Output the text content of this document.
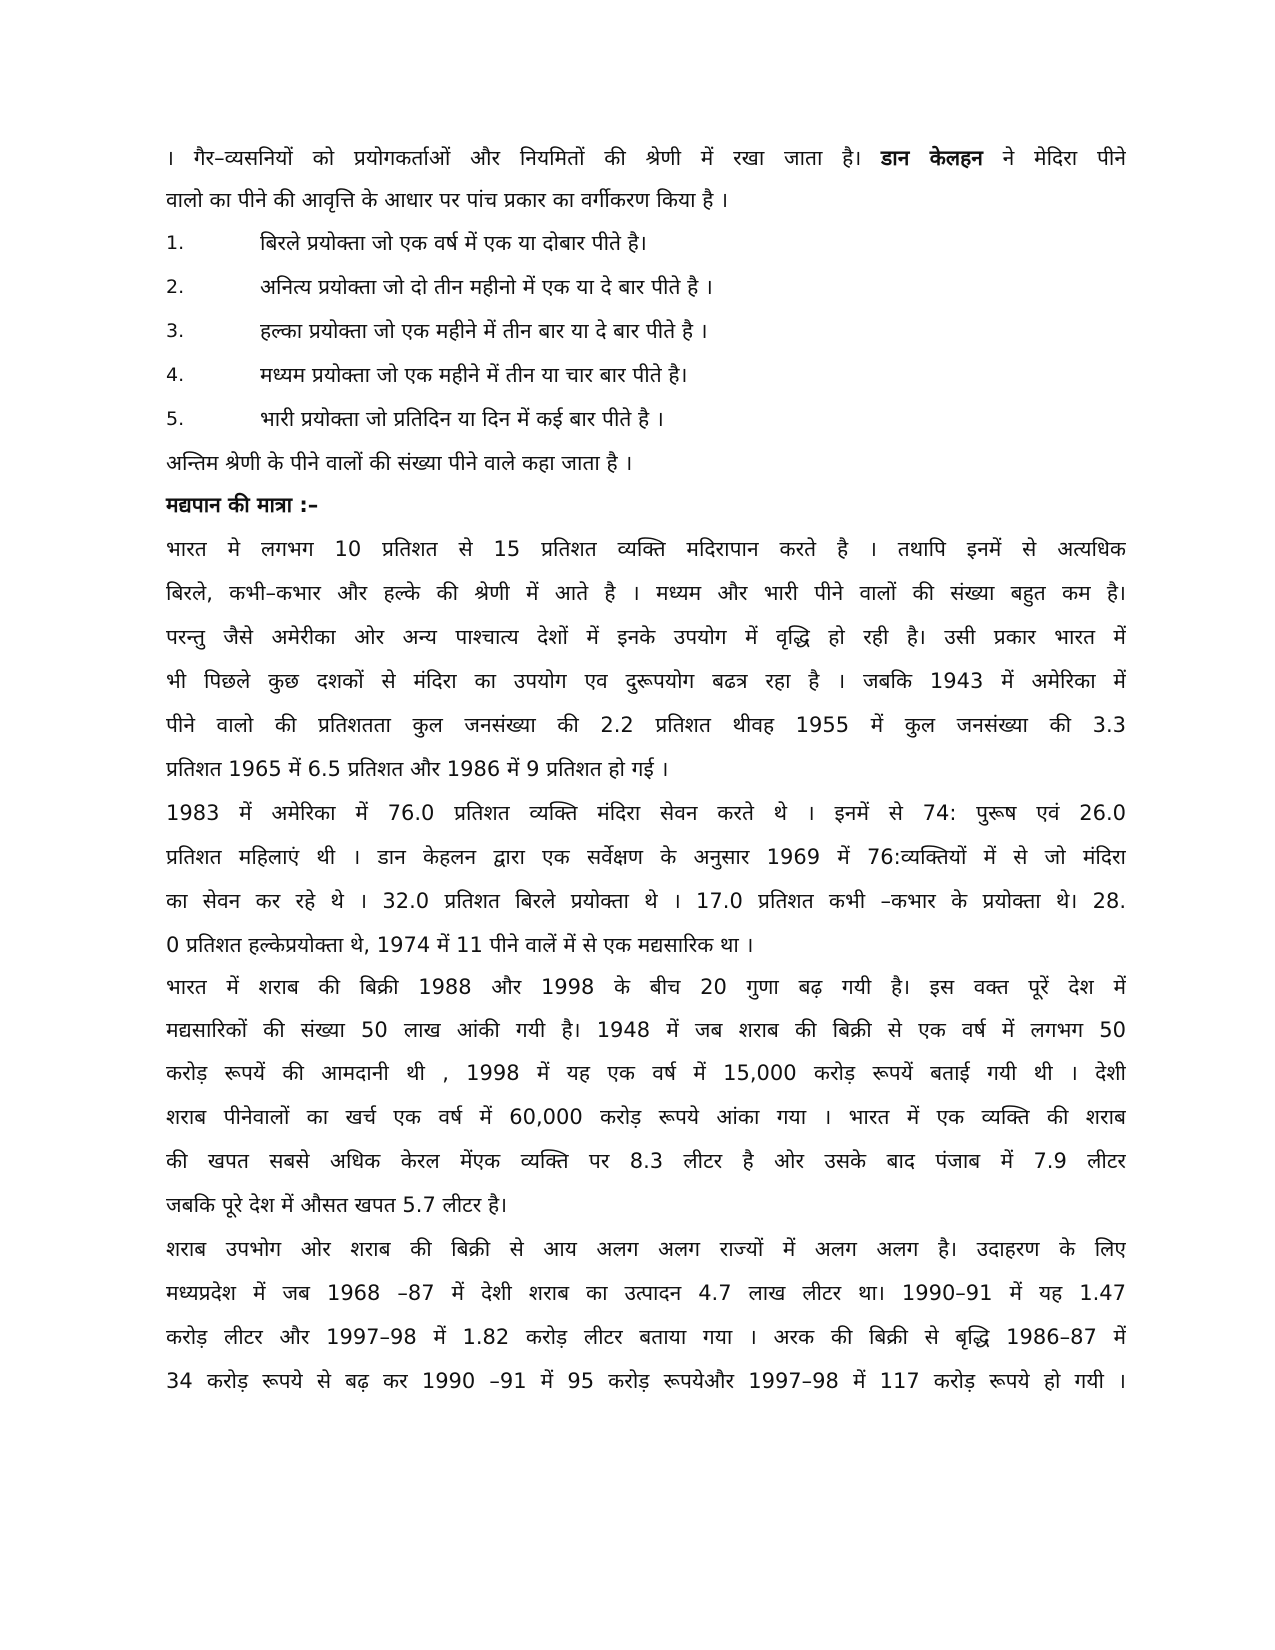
। गैर–व्यसनियों को प्रयोगकर्ताओं और नियमितों की श्रेणी में रखा जाता है। डान केलहन ने मेदिरा पीने
वालो का पीने की आवृत्ति के आधार पर पांच प्रकार का वर्गीकरण किया है ।
1.	बिरले प्रयोक्ता जो एक वर्ष में एक या दोबार पीते है।
2.	अनित्य प्रयोक्ता जो दो तीन महीनो में एक या दे बार पीते है ।
3.	हल्का प्रयोक्ता जो एक महीने में तीन बार या दे बार पीते है ।
4.	मध्यम प्रयोक्ता जो एक महीने में तीन या चार बार पीते है।
5.	भारी प्रयोक्ता जो प्रतिदिन या दिन में कई बार पीते है ।
अन्तिम श्रेणी के पीने वालों की संख्या पीने वाले कहा जाता है ।
मद्यपान की मात्रा :–
भारत मे लगभग 10 प्रतिशत से 15 प्रतिशत व्यक्ति मदिरापान करते है । तथापि इनमें से अत्यधिक
बिरले, कभी–कभार और हल्के की श्रेणी में आते है । मध्यम और भारी पीने वालों की संख्या बहुत कम है।
परन्तु जैसे अमेरीका ओर अन्य पाश्चात्य देशों में इनके उपयोग में वृद्धि हो रही है। उसी प्रकार भारत में
भी पिछले कुछ दशकों से मंदिरा का उपयोग एव दुरूपयोग बढत्र रहा है । जबकि 1943 में अमेरिका में
पीने वालो की प्रतिशतता कुल जनसंख्या की 2.2 प्रतिशत थीवह 1955 में कुल जनसंख्या की 3.3
प्रतिशत 1965 में 6.5 प्रतिशत और 1986 में 9 प्रतिशत हो गई ।
1983 में अमेरिका में 76.0 प्रतिशत व्यक्ति मंदिरा सेवन करते थे । इनमें से 74: पुरूष एवं 26.0
प्रतिशत महिलाएं थी । डान केहलन द्वारा एक सर्वेक्षण के अनुसार 1969 में 76:व्यक्तियों में से जो मंदिरा
का सेवन कर रहे थे । 32.0 प्रतिशत बिरले प्रयोक्ता थे । 17.0 प्रतिशत कभी –कभार के प्रयोक्ता थे। 28.
0 प्रतिशत हल्केप्रयोक्ता थे, 1974 में 11 पीने वालें में से एक मद्यसारिक था ।
भारत में शराब की बिक्री 1988 और 1998 के बीच 20 गुणा बढ़ गयी है। इस वक्त पूरें देश में
मद्यसारिकों की संख्या 50 लाख आंकी गयी है। 1948 में जब शराब की बिक्री से एक वर्ष में लगभग 50
करोड़ रूपयें की आमदानी थी , 1998 में यह एक वर्ष में 15,000 करोड़ रूपयें बताई गयी थी । देशी
शराब पीनेवालों का खर्च एक वर्ष में 60,000 करोड़ रूपये आंका गया । भारत में एक व्यक्ति की शराब
की खपत सबसे अधिक केरल मेंएक व्यक्ति पर 8.3 लीटर है ओर उसके बाद पंजाब में 7.9 लीटर
जबकि पूरे देश में औसत खपत 5.7 लीटर है।
शराब उपभोग ओर शराब की बिक्री से आय अलग अलग राज्यों में अलग अलग है। उदाहरण के लिए
मध्यप्रदेश में जब 1968 –87 में देशी शराब का उत्पादन 4.7 लाख लीटर था। 1990–91 में यह 1.47
करोड़ लीटर और 1997–98 में 1.82 करोड़ लीटर बताया गया । अरक की बिक्री से बृद्धि 1986–87 में
34 करोड़ रूपये से बढ़ कर 1990 –91 में 95 करोड़ रूपयेऔर 1997–98 में 117 करोड़ रूपये हो गयी ।
